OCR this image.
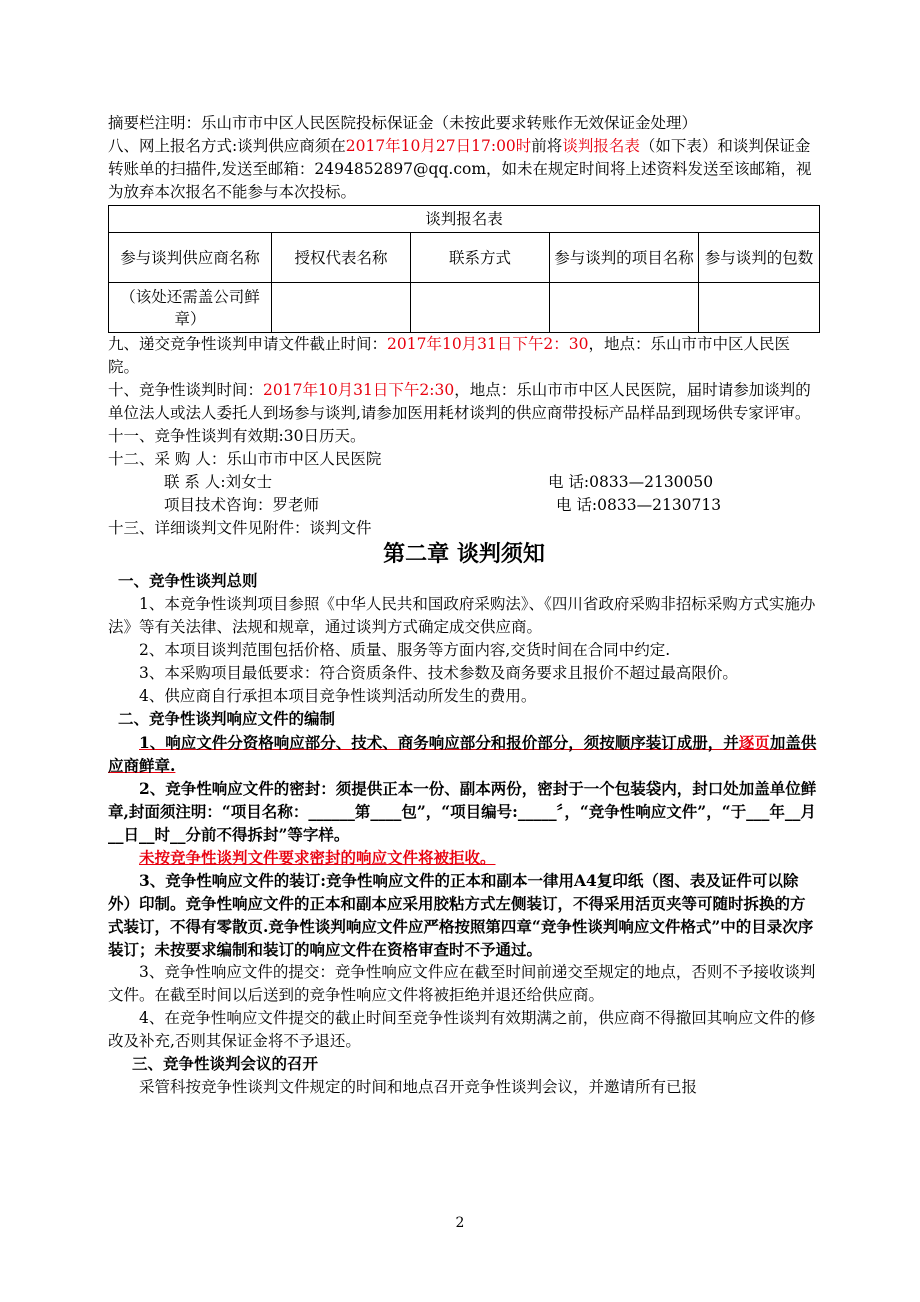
摘要栏注明：乐山市市中区人民医院投标保证金（未按此要求转账作无效保证金处理）

八、网上报名方式:谈判供应商须在2017年10月27日17:00时前将谈判报名表（如下表）和谈判保证金转账单的扫描件,发送至邮箱：2494852897@qq.com，如未在规定时间将上述资料发送至该邮箱，视为放弃本次报名不能参与本次投标。

谈判报名表				
参与谈判供应商名称	授权代表名称	联系方式	参与谈判的项目名称	参与谈判的包数
（该处还需盖公司鲜章）				

九、递交竞争性谈判申请文件截止时间：2017年10月31日下午2：30，地点：乐山市市中区人民医院。

十、竞争性谈判时间：2017年10月31日下午2:30，地点：乐山市市中区人民医院，届时请参加谈判的单位法人或法人委托人到场参与谈判,请参加医用耗材谈判的供应商带投标产品样品到现场供专家评审。

十一、竞争性谈判有效期:30日历天。

十二、采 购 人：乐山市市中区人民医院

联 系 人:刘女士	电 话:0833—2130050
项目技术咨询：罗老师	电 话:0833—2130713

十三、详细谈判文件见附件：谈判文件

第二章 谈判须知

一、竞争性谈判总则

1、本竞争性谈判项目参照《中华人民共和国政府采购法》、《四川省政府采购非招标采购方式实施办法》等有关法律、法规和规章，通过谈判方式确定成交供应商。

2、本项目谈判范围包括价格、质量、服务等方面内容,交货时间在合同中约定.

3、本采购项目最低要求：符合资质条件、技术参数及商务要求且报价不超过最高限价。

4、供应商自行承担本项目竞争性谈判活动所发生的费用。

二、竞争性谈判响应文件的编制

1、响应文件分资格响应部分、技术、商务响应部分和报价部分，须按顺序装订成册，并逐页加盖供应商鲜章.

2、竞争性响应文件的密封：须提供正本一份、副本两份，密封于一个包装袋内，封口处加盖单位鲜章,封面须注明：“项目名称：______第____包”，“项目编号:_____〞，“竞争性响应文件”，“于___年__月__日__时__分前不得拆封”等字样。

未按竞争性谈判文件要求密封的响应文件将被拒收。

3、竞争性响应文件的装订:竞争性响应文件的正本和副本一律用A4复印纸（图、表及证件可以除外）印制。竞争性响应文件的正本和副本应采用胶粘方式左侧装订，不得采用活页夹等可随时拆换的方式装订，不得有零散页.竞争性谈判响应文件应严格按照第四章“竞争性谈判响应文件格式”中的目录次序装订；未按要求编制和装订的响应文件在资格审查时不予通过。

3、竞争性响应文件的提交：竞争性响应文件应在截至时间前递交至规定的地点，否则不予接收谈判文件。在截至时间以后送到的竞争性响应文件将被拒绝并退还给供应商。

4、在竞争性响应文件提交的截止时间至竞争性谈判有效期满之前，供应商不得撤回其响应文件的修改及补充,否则其保证金将不予退还。

三、竞争性谈判会议的召开

采管科按竞争性谈判文件规定的时间和地点召开竞争性谈判会议，并邀请所有已报

2
